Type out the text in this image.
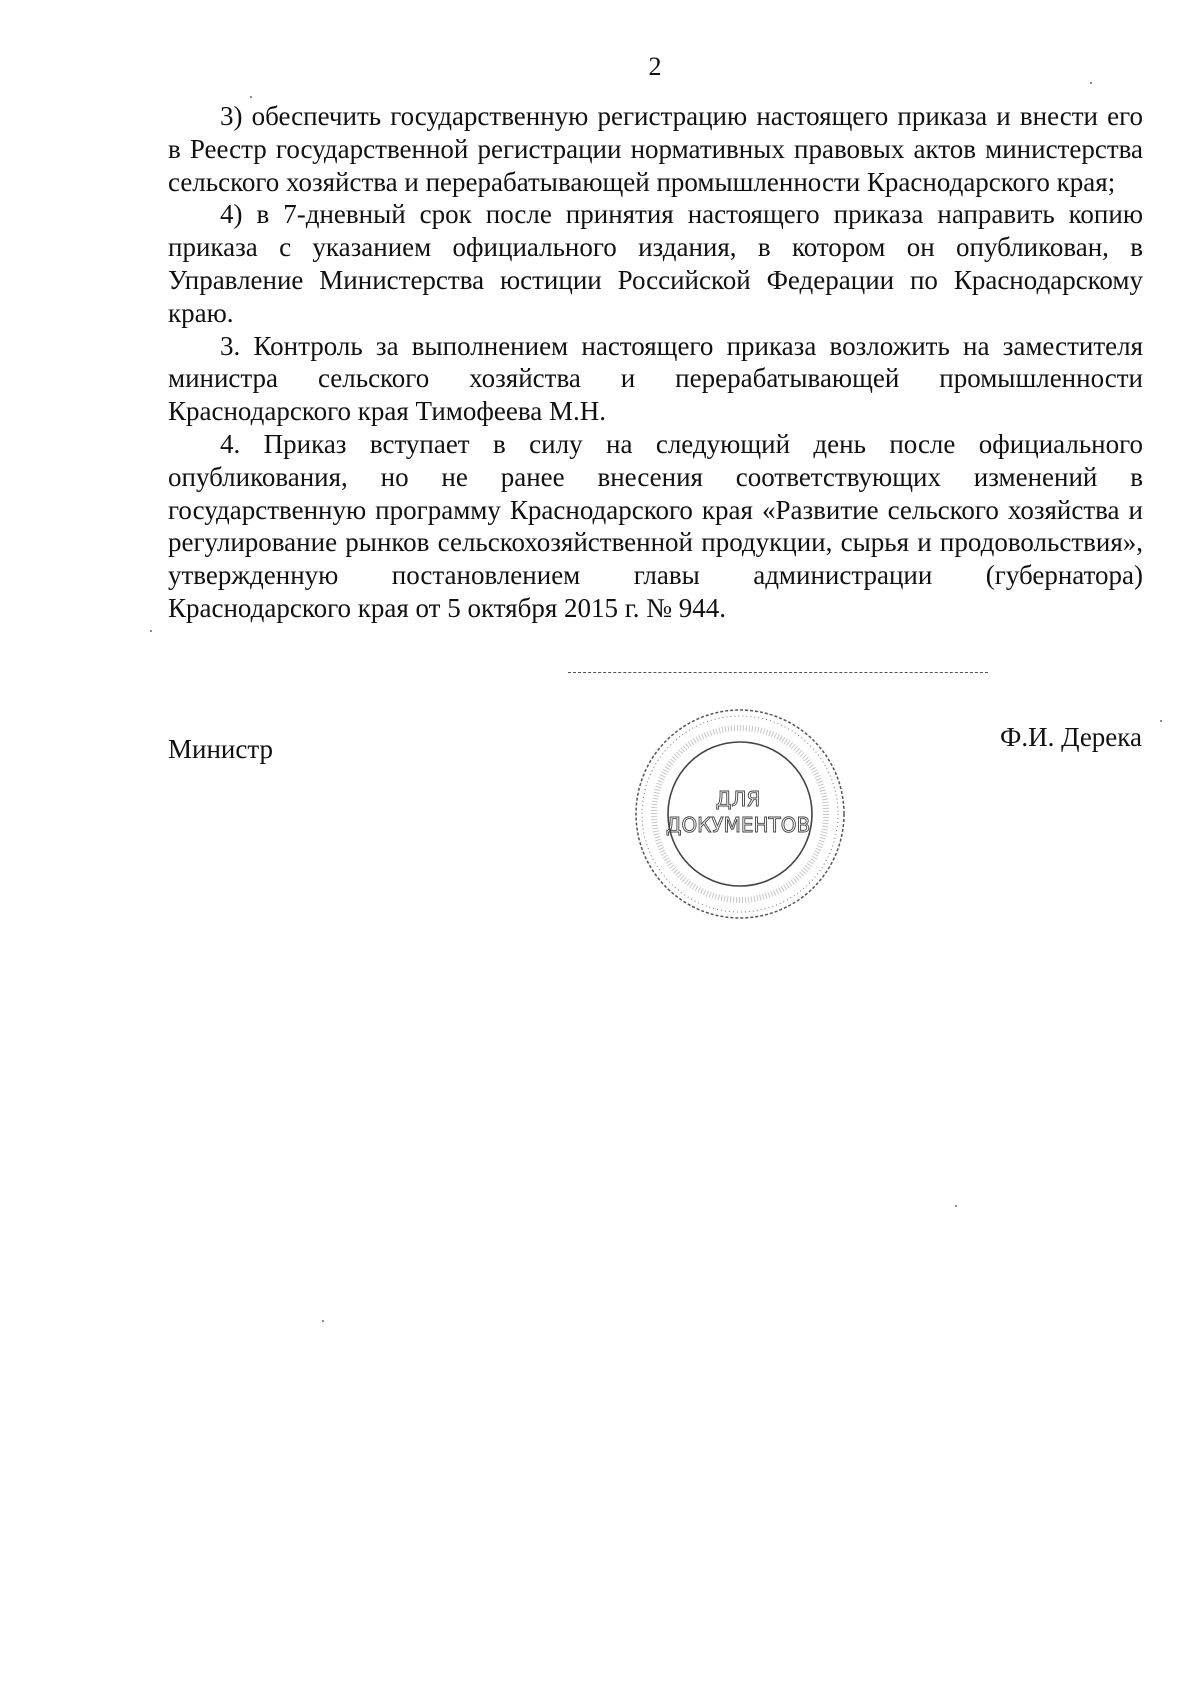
2

3) обеспечить государственную регистрацию настоящего приказа и внести его в Реестр государственной регистрации нормативных правовых актов министерства сельского хозяйства и перерабатывающей промышленности Краснодарского края;

4) в 7-дневный срок после принятия настоящего приказа направить копию приказа с указанием официального издания, в котором он опубликован, в Управление Министерства юстиции Российской Федерации по Краснодарскому краю.

3. Контроль за выполнением настоящего приказа возложить на заместителя министра сельского хозяйства и перерабатывающей промышленности Краснодарского края Тимофеева М.Н.

4. Приказ вступает в силу на следующий день после официального опубликования, но не ранее внесения соответствующих изменений в государственную программу Краснодарского края «Развитие сельского хозяйства и регулирование рынков сельскохозяйственной продукции, сырья и продовольствия», утвержденную постановлением главы администрации (губернатора) Краснодарского края от 5 октября 2015 г. № 944.

Министр	Ф.И. Дерека
ДЛЯ
ДОКУМЕНТОВ
